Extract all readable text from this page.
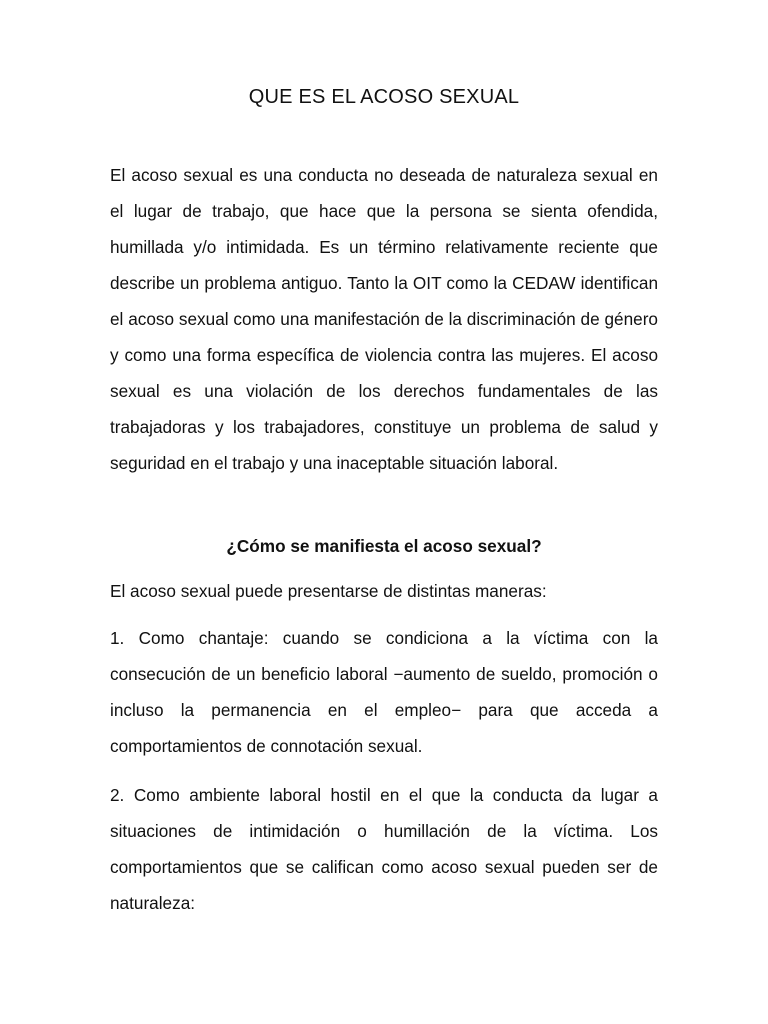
QUE ES EL ACOSO SEXUAL

El acoso sexual es una conducta no deseada de naturaleza sexual en el lugar de trabajo, que hace que la persona se sienta ofendida, humillada y/o intimidada. Es un término relativamente reciente que describe un problema antiguo. Tanto la OIT como la CEDAW identifican el acoso sexual como una manifestación de la discriminación de género y como una forma específica de violencia contra las mujeres. El acoso sexual es una violación de los derechos fundamentales de las trabajadoras y los trabajadores, constituye un problema de salud y seguridad en el trabajo y una inaceptable situación laboral.

¿Cómo se manifiesta el acoso sexual?

El acoso sexual puede presentarse de distintas maneras:

1. Como chantaje: cuando se condiciona a la víctima con la consecución de un beneficio laboral −aumento de sueldo, promoción o incluso la permanencia en el empleo− para que acceda a comportamientos de connotación sexual.

2. Como ambiente laboral hostil en el que la conducta da lugar a situaciones de intimidación o humillación de la víctima. Los comportamientos que se califican como acoso sexual pueden ser de naturaleza:
